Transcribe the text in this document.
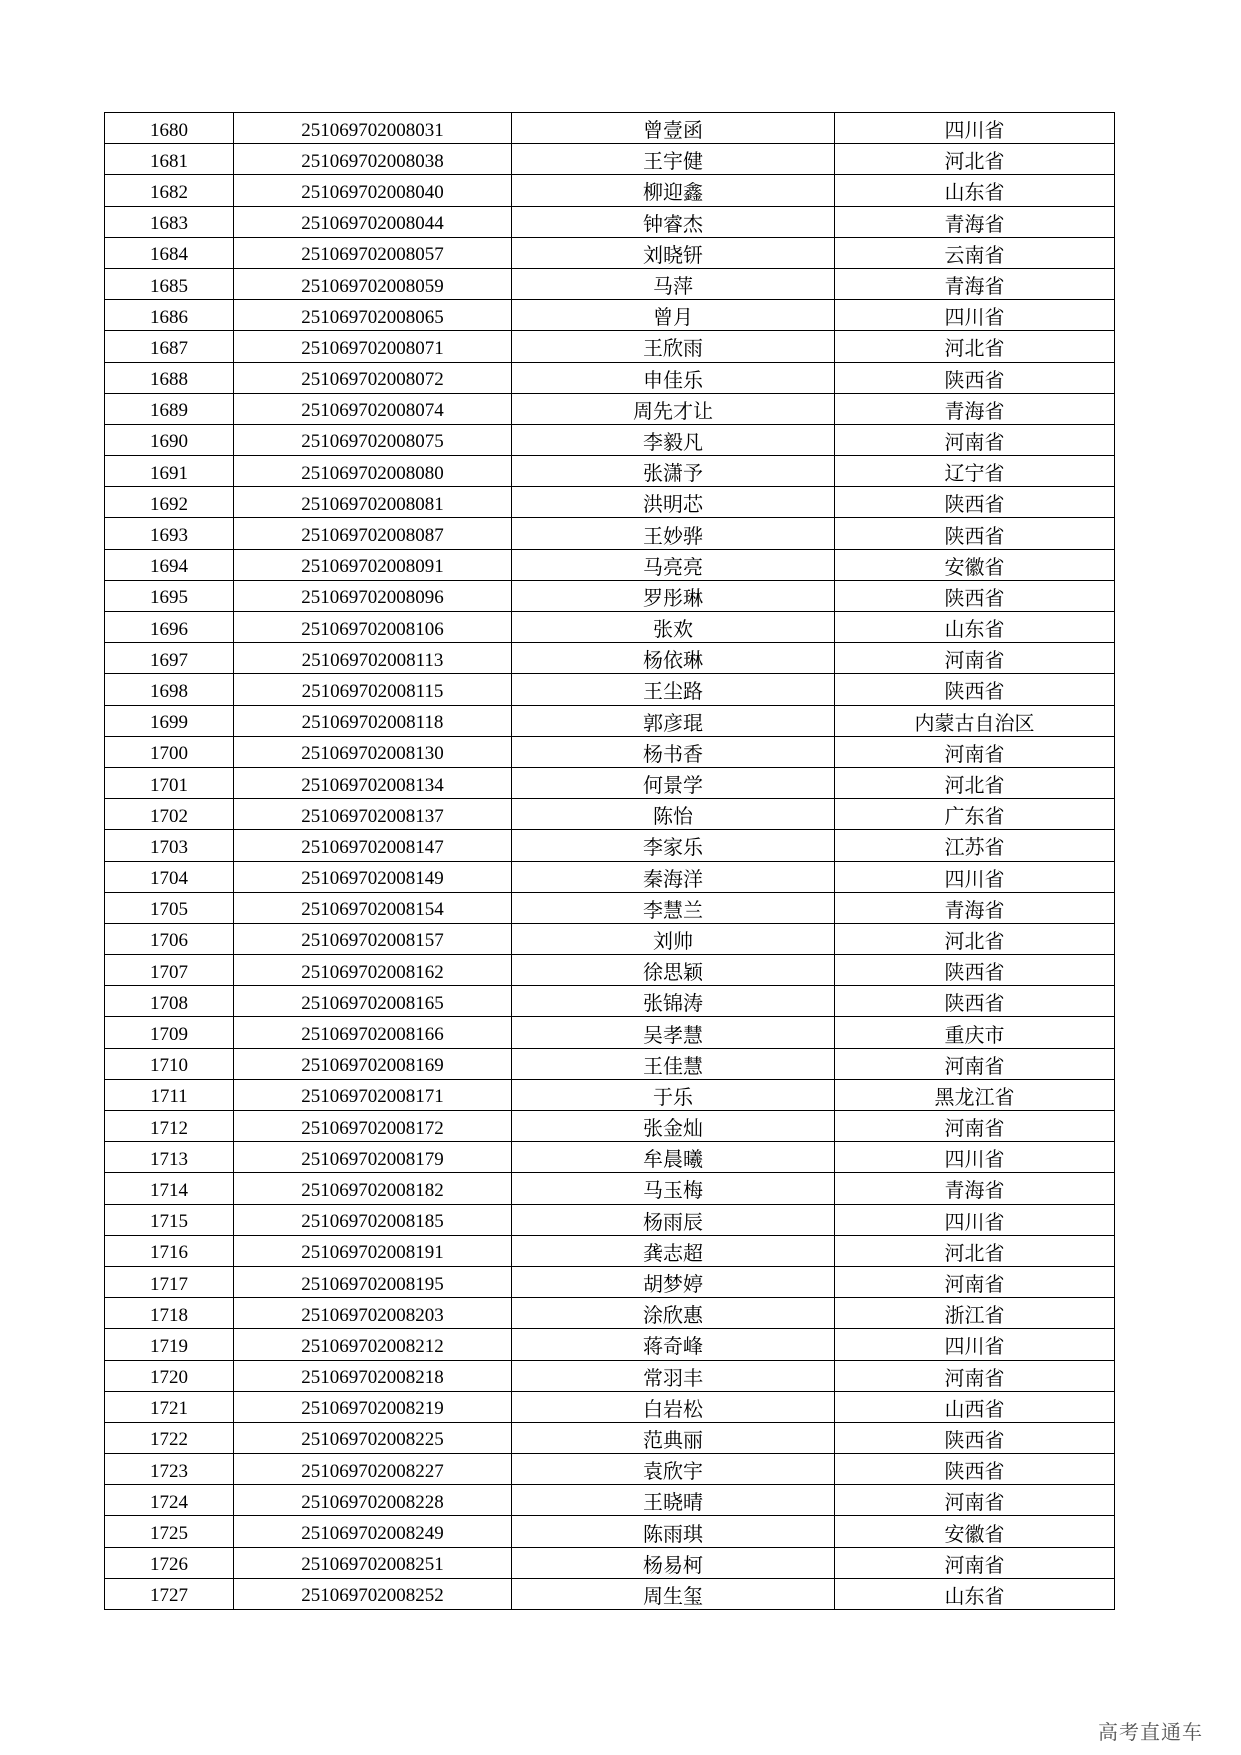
1680	251069702008031	曾壹函	四川省
1681	251069702008038	王宇健	河北省
1682	251069702008040	柳迎鑫	山东省
1683	251069702008044	钟睿杰	青海省
1684	251069702008057	刘晓钘	云南省
1685	251069702008059	马萍	青海省
1686	251069702008065	曾月	四川省
1687	251069702008071	王欣雨	河北省
1688	251069702008072	申佳乐	陕西省
1689	251069702008074	周先才让	青海省
1690	251069702008075	李毅凡	河南省
1691	251069702008080	张潇予	辽宁省
1692	251069702008081	洪明芯	陕西省
1693	251069702008087	王妙骅	陕西省
1694	251069702008091	马亮亮	安徽省
1695	251069702008096	罗彤琳	陕西省
1696	251069702008106	张欢	山东省
1697	251069702008113	杨依琳	河南省
1698	251069702008115	王尘路	陕西省
1699	251069702008118	郭彦琨	内蒙古自治区
1700	251069702008130	杨书香	河南省
1701	251069702008134	何景学	河北省
1702	251069702008137	陈怡	广东省
1703	251069702008147	李家乐	江苏省
1704	251069702008149	秦海洋	四川省
1705	251069702008154	李慧兰	青海省
1706	251069702008157	刘帅	河北省
1707	251069702008162	徐思颖	陕西省
1708	251069702008165	张锦涛	陕西省
1709	251069702008166	吴孝慧	重庆市
1710	251069702008169	王佳慧	河南省
1711	251069702008171	于乐	黑龙江省
1712	251069702008172	张金灿	河南省
1713	251069702008179	牟晨曦	四川省
1714	251069702008182	马玉梅	青海省
1715	251069702008185	杨雨辰	四川省
1716	251069702008191	龚志超	河北省
1717	251069702008195	胡梦婷	河南省
1718	251069702008203	涂欣惠	浙江省
1719	251069702008212	蒋奇峰	四川省
1720	251069702008218	常羽丰	河南省
1721	251069702008219	白岩松	山西省
1722	251069702008225	范典丽	陕西省
1723	251069702008227	袁欣宇	陕西省
1724	251069702008228	王晓晴	河南省
1725	251069702008249	陈雨琪	安徽省
1726	251069702008251	杨易柯	河南省
1727	251069702008252	周生玺	山东省
高考直通车
